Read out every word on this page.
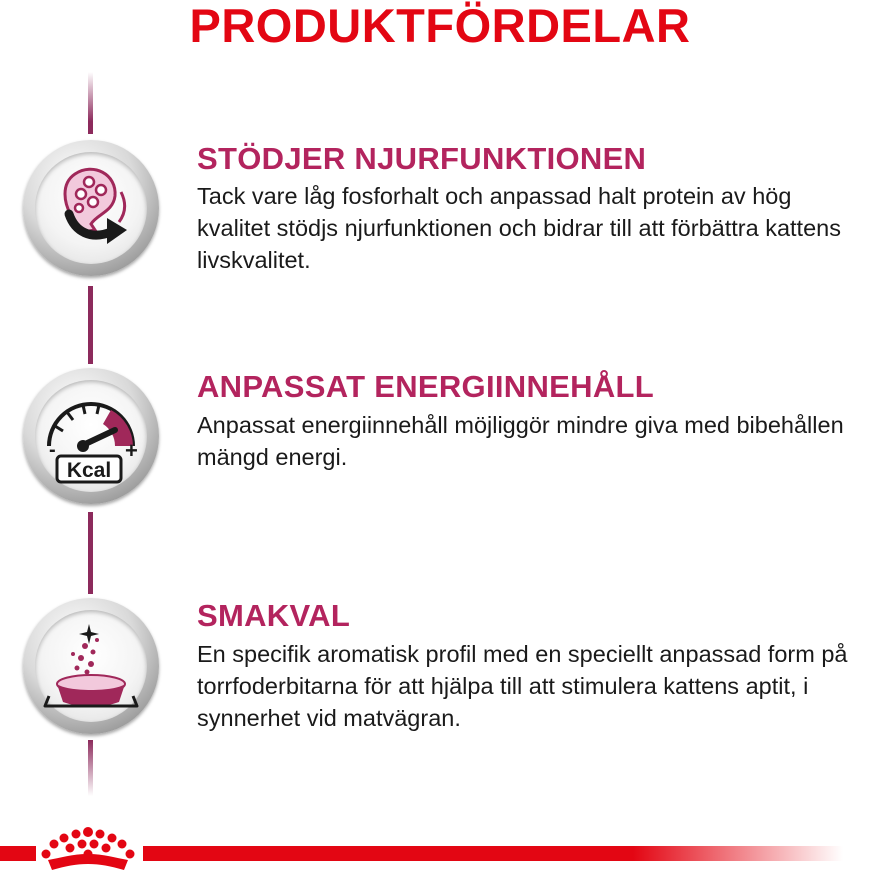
PRODUKTFÖRDELAR
STÖDJER NJURFUNKTIONEN
Tack vare låg fosforhalt och anpassad halt protein av hög kvalitet stödjs njurfunktionen och bidrar till att förbättra kattens livskvalitet.
-	+
Kcal
ANPASSAT ENERGIINNEHÅLL
Anpassat energiinnehåll möjliggör mindre giva med bibehållen mängd energi.
SMAKVAL
En specifik aromatisk profil med en speciellt anpassad form på torrfoderbitarna för att hjälpa till att stimulera kattens aptit, i synnerhet vid matvägran.
